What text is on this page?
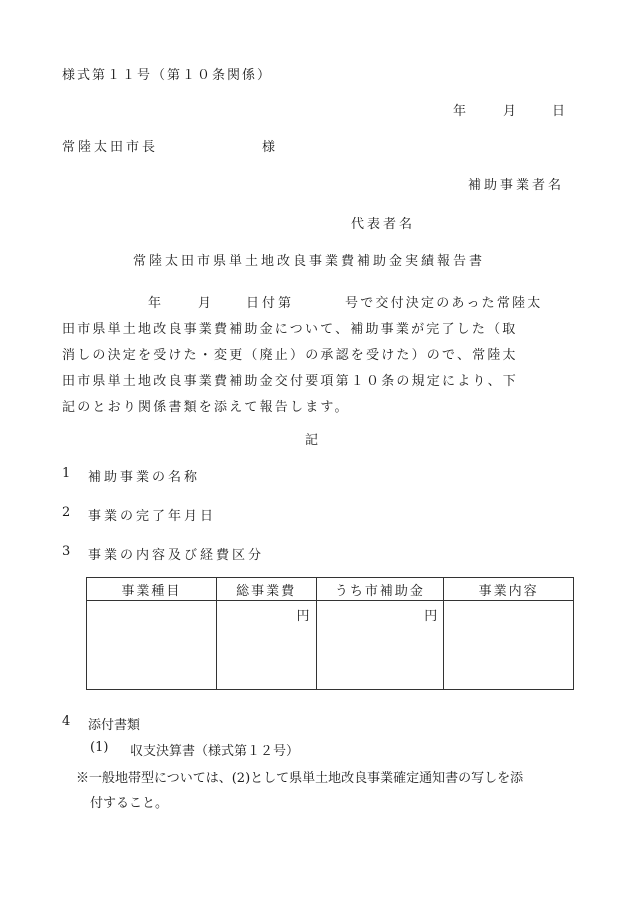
様式第１１号（第１０条関係）
年	月	日
常陸太田市長	様
補助事業者名
代表者名
常陸太田市県単土地改良事業費補助金実績報告書
年	月	日付第	号で交付決定のあった常陸太
田市県単土地改良事業費補助金について、補助事業が完了した（取
消しの決定を受けた・変更（廃止）の承認を受けた）ので、常陸太
田市県単土地改良事業費補助金交付要項第１０条の規定により、下
記のとおり関係書類を添えて報告します。
記
1 補助事業の名称
2 事業の完了年月日
3 事業の内容及び経費区分
事業種目	総事業費	うち市補助金	事業内容
	円	円	
4 添付書類
(1) 収支決算書（様式第１２号）
※一般地帯型については、(2)として県単土地改良事業確定通知書の写しを添
付すること。
